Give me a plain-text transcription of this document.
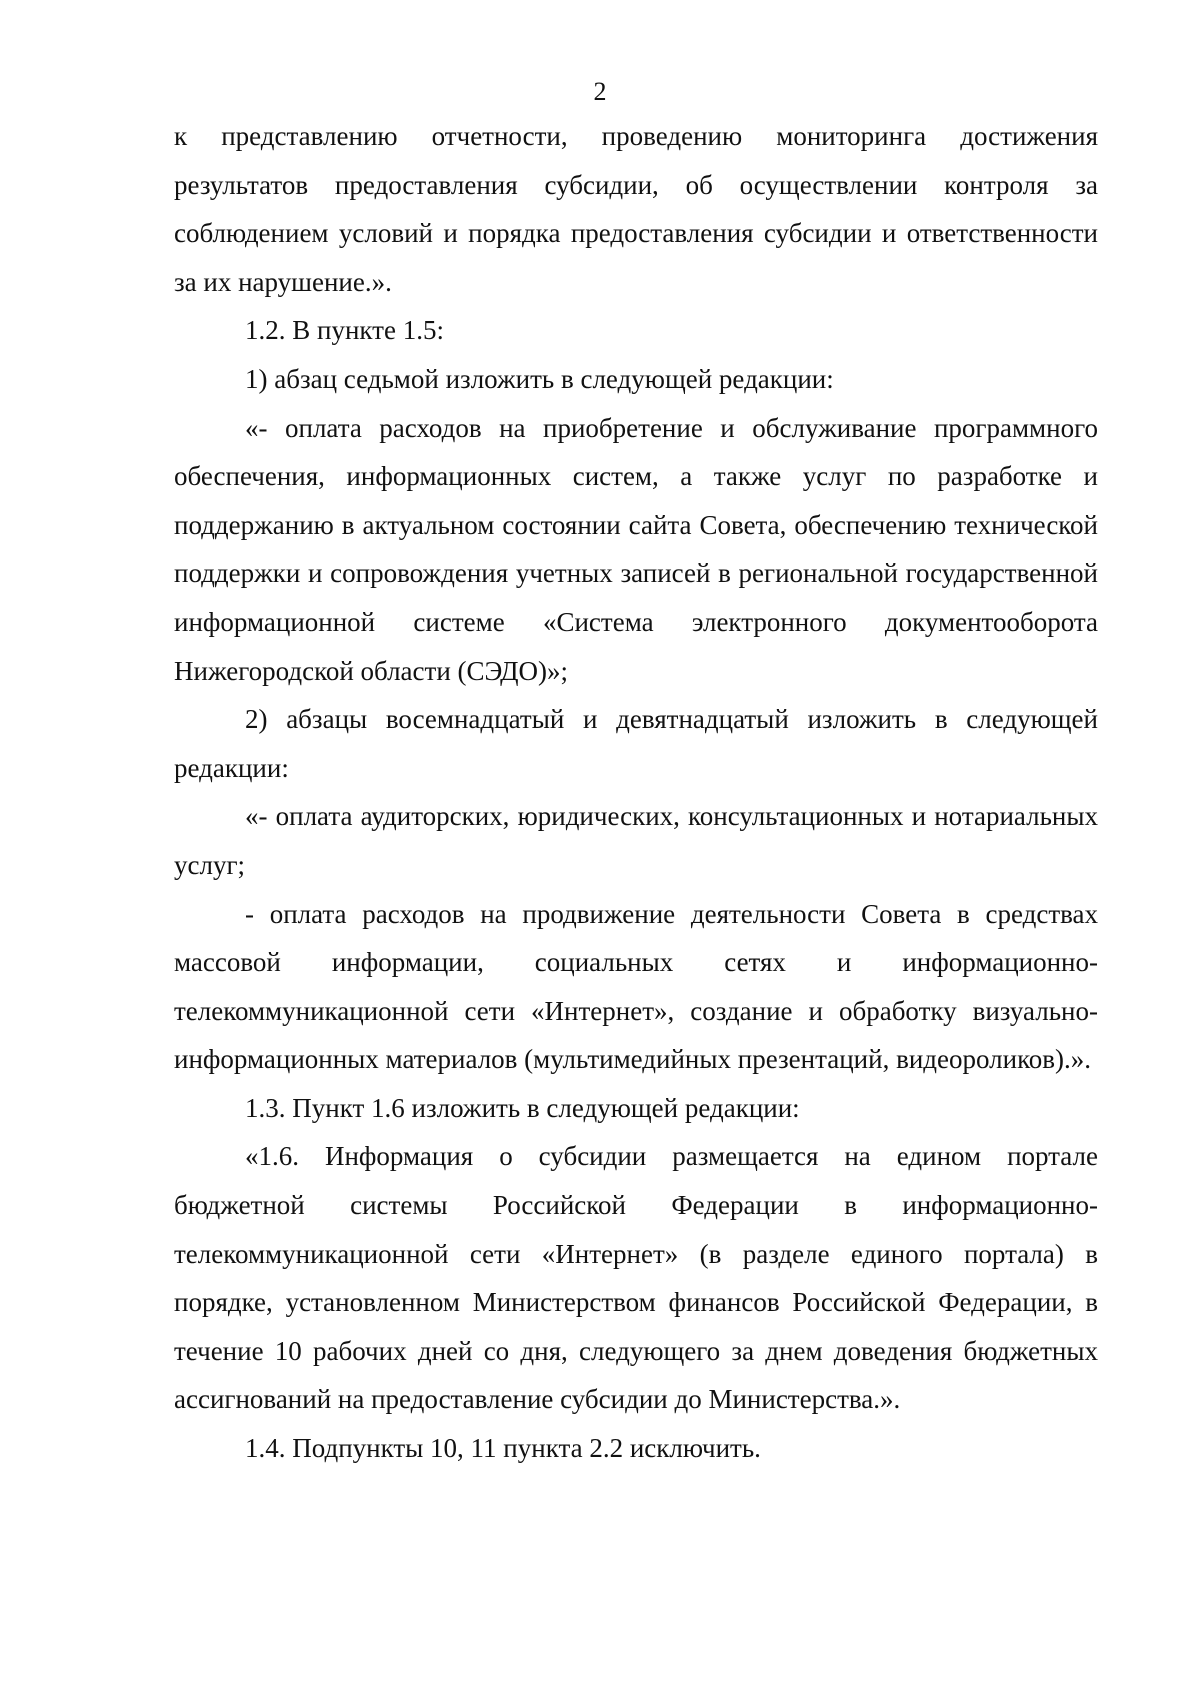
2

к представлению отчетности, проведению мониторинга достижения результатов предоставления субсидии, об осуществлении контроля за соблюдением условий и порядка предоставления субсидии и ответственности за их нарушение.».

1.2. В пункте 1.5:

1) абзац седьмой изложить в следующей редакции:

«- оплата расходов на приобретение и обслуживание программного обеспечения, информационных систем, а также услуг по разработке и поддержанию в актуальном состоянии сайта Совета, обеспечению технической поддержки и сопровождения учетных записей в региональной государственной информационной системе «Система электронного документооборота Нижегородской области (СЭДО)»;

2) абзацы восемнадцатый и девятнадцатый изложить в следующей редакции:

«- оплата аудиторских, юридических, консультационных и нотариальных услуг;

- оплата расходов на продвижение деятельности Совета в средствах массовой информации, социальных сетях и информационно-телекоммуникационной сети «Интернет», создание и обработку визуально-информационных материалов (мультимедийных презентаций, видеороликов).».

1.3. Пункт 1.6 изложить в следующей редакции:

«1.6. Информация о субсидии размещается на едином портале бюджетной системы Российской Федерации в информационно-телекоммуникационной сети «Интернет» (в разделе единого портала) в порядке, установленном Министерством финансов Российской Федерации, в течение 10 рабочих дней со дня, следующего за днем доведения бюджетных ассигнований на предоставление субсидии до Министерства.».

1.4. Подпункты 10, 11 пункта 2.2 исключить.
